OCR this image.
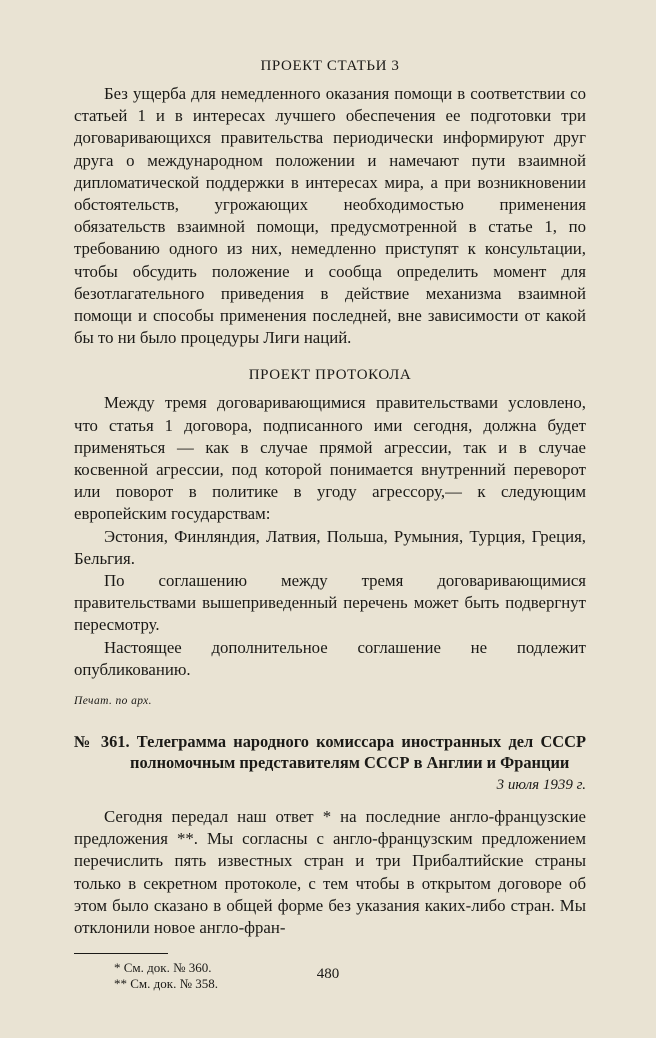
ПРОЕКТ СТАТЬИ 3

Без ущерба для немедленного оказания помощи в соответствии со статьей 1 и в интересах лучшего обеспечения ее подготовки три договаривающихся правительства периодически информируют друг друга о международном положении и намечают пути взаимной дипломатической поддержки в интересах мира, а при возникновении обстоятельств, угрожающих необходимостью применения обязательств взаимной помощи, предусмотренной в статье 1, по требованию одного из них, немедленно приступят к консультации, чтобы обсудить положение и сообща определить момент для безотлагательного приведения в действие механизма взаимной помощи и способы применения последней, вне зависимости от какой бы то ни было процедуры Лиги наций.

ПРОЕКТ ПРОТОКОЛА

Между тремя договаривающимися правительствами условлено, что статья 1 договора, подписанного ими сегодня, должна будет применяться — как в случае прямой агрессии, так и в случае косвенной агрессии, под которой понимается внутренний переворот или поворот в политике в угоду агрессору,— к следующим европейским государствам:

Эстония, Финляндия, Латвия, Польша, Румыния, Турция, Греция, Бельгия.

По соглашению между тремя договаривающимися правительствами вышеприведенный перечень может быть подвергнут пересмотру.

Настоящее дополнительное соглашение не подлежит опубликованию.

Печат. по арх.
№ 361. Телеграмма народного комиссара иностранных дел СССР полномочным представителям СССР в Англии и Франции
3 июля 1939 г.

Сегодня передал наш ответ * на последние англо-французские предложения **. Мы согласны с англо-французским предложением перечислить пять известных стран и три Прибалтийские страны только в секретном протоколе, с тем чтобы в открытом договоре об этом было сказано в общей форме без указания каких-либо стран. Мы отклонили новое англо-фран-

* См. док. № 360.
** См. док. № 358.
480
